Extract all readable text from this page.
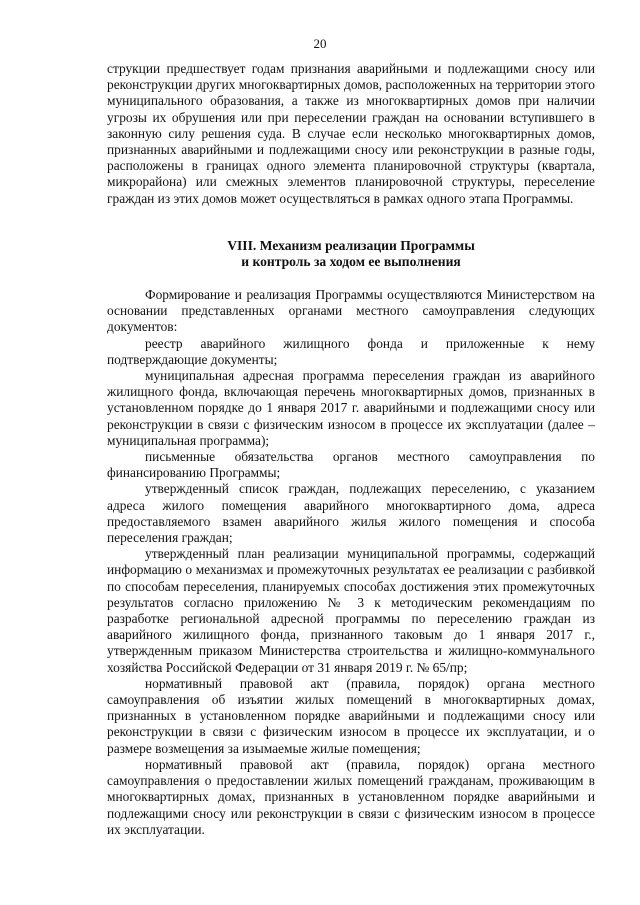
20

струкции предшествует годам признания аварийными и подлежащими сносу или реконструкции других многоквартирных домов, расположенных на территории этого муниципального образования, а также из многоквартирных домов при наличии угрозы их обрушения или при переселении граждан на основании вступившего в законную силу решения суда. В случае если несколько многоквартирных домов, признанных аварийными и подлежащими сносу или реконструкции в разные годы, расположены в границах одного элемента планировочной структуры (квартала, микрорайона) или смежных элементов планировочной структуры, переселение граждан из этих домов может осуществляться в рамках одного этапа Программы.

VIII. Механизм реализации Программы
и контроль за ходом ее выполнения

Формирование и реализация Программы осуществляются Министерством на основании представленных органами местного самоуправления следующих документов:

реестр аварийного жилищного фонда и приложенные к нему подтверждающие документы;

муниципальная адресная программа переселения граждан из аварийного жилищного фонда, включающая перечень многоквартирных домов, признанных в установленном порядке до 1 января 2017 г. аварийными и подлежащими сносу или реконструкции в связи с физическим износом в процессе их эксплуатации (далее – муниципальная программа);

письменные обязательства органов местного самоуправления по финансированию Программы;

утвержденный список граждан, подлежащих переселению, с указанием адреса жилого помещения аварийного многоквартирного дома, адреса предоставляемого взамен аварийного жилья жилого помещения и способа переселения граждан;

утвержденный план реализации муниципальной программы, содержащий информацию о механизмах и промежуточных результатах ее реализации с разбивкой по способам переселения, планируемых способах достижения этих промежуточных результатов согласно приложению № 3 к методическим рекомендациям по разработке региональной адресной программы по переселению граждан из аварийного жилищного фонда, признанного таковым до 1 января 2017 г., утвержденным приказом Министерства строительства и жилищно-коммунального хозяйства Российской Федерации от 31 января 2019 г. № 65/пр;

нормативный правовой акт (правила, порядок) органа местного самоуправления об изъятии жилых помещений в многоквартирных домах, признанных в установленном порядке аварийными и подлежащими сносу или реконструкции в связи с физическим износом в процессе их эксплуатации, и о размере возмещения за изымаемые жилые помещения;

нормативный правовой акт (правила, порядок) органа местного самоуправления о предоставлении жилых помещений гражданам, проживающим в многоквартирных домах, признанных в установленном порядке аварийными и подлежащими сносу или реконструкции в связи с физическим износом в процессе их эксплуатации.
